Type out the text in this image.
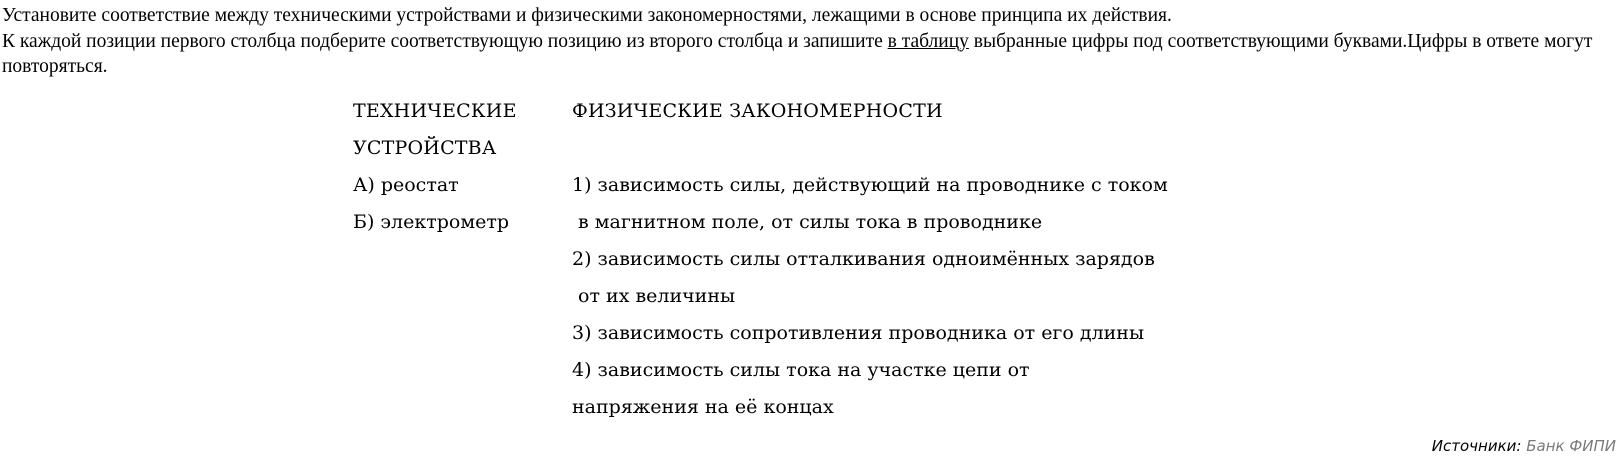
Установите соответствие между техническими устройствами и физическими закономерностями, лежащими в основе принципа их действия.
К каждой позиции первого столбца подберите соответствующую позицию из второго столбца и запишите в таблицу выбранные цифры под соответствующими буквами.Цифры в ответе могут повторяться.
ТЕХНИЧЕСКИЕ
УСТРОЙСТВА
А) реостат
Б) электрометр
ФИЗИЧЕСКИЕ ЗАКОНОМЕРНОСТИ
1) зависимость силы, действующий на проводнике с током
в магнитном поле, от силы тока в проводнике
2) зависимость силы отталкивания одноимённых зарядов
от их величины
3) зависимость сопротивления проводника от его длины
4) зависимость силы тока на участке цепи от
напряжения на её концах
Источники: Банк ФИПИ
